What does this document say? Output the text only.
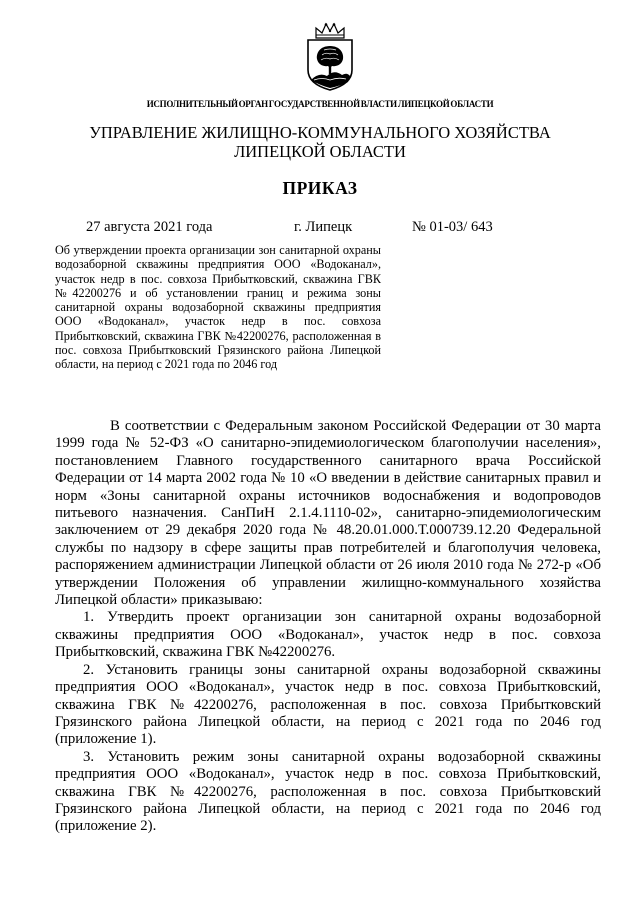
ИСПОЛНИТЕЛЬНЫЙ ОРГАН ГОСУДАРСТВЕННОЙ ВЛАСТИ ЛИПЕЦКОЙ ОБЛАСТИ
УПРАВЛЕНИЕ ЖИЛИЩНО-КОММУНАЛЬНОГО ХОЗЯЙСТВА
ЛИПЕЦКОЙ ОБЛАСТИ
ПРИКАЗ
27 августа 2021 года	г. Липецк	№ 01-03/ 643
Об утверждении проекта организации зон санитарной охраны водозаборной скважины предприятия ООО «Водоканал», участок недр в пос. совхоза Прибытковский, скважина ГВК №42200276 и об установлении границ и режима зоны санитарной охраны водозаборной скважины предприятия ООО «Водоканал», участок недр в пос. совхоза Прибытковский, скважина ГВК №42200276, расположенная в пос. совхоза Прибытковский Грязинского района Липецкой области, на период с 2021 года по 2046 год

В соответствии с Федеральным законом Российской Федерации от 30 марта 1999 года № 52-ФЗ «О санитарно-эпидемиологическом благополучии населения», постановлением Главного государственного санитарного врача Российской Федерации от 14 марта 2002 года № 10 «О введении в действие санитарных правил и норм «Зоны санитарной охраны источников водоснабжения и водопроводов питьевого назначения. СанПиН 2.1.4.1110-02», санитарно-эпидемиологическим заключением от 29 декабря 2020 года № 48.20.01.000.Т.000739.12.20 Федеральной службы по надзору в сфере защиты прав потребителей и благополучия человека, распоряжением администрации Липецкой области от 26 июля 2010 года № 272-р «Об утверждении Положения об управлении жилищно-коммунального хозяйства Липецкой области» приказываю:

1. Утвердить проект организации зон санитарной охраны водозаборной скважины предприятия ООО «Водоканал», участок недр в пос. совхоза Прибытковский, скважина ГВК №42200276.

2. Установить границы зоны санитарной охраны водозаборной скважины предприятия ООО «Водоканал», участок недр в пос. совхоза Прибытковский, скважина ГВК №42200276, расположенная в пос. совхоза Прибытковский Грязинского района Липецкой области, на период с 2021 года по 2046 год (приложение 1).

3. Установить режим зоны санитарной охраны водозаборной скважины предприятия ООО «Водоканал», участок недр в пос. совхоза Прибытковский, скважина ГВК №42200276, расположенная в пос. совхоза Прибытковский Грязинского района Липецкой области, на период с 2021 года по 2046 год (приложение 2).
